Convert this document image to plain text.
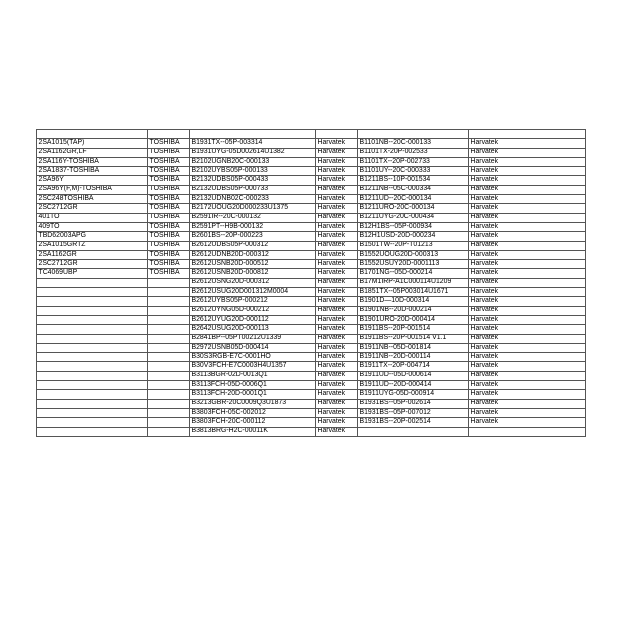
2SA1015(TAP)	TOSHIBA	B1931TX--05P-003314	Harvatek	B1101NB--20C-000133	Harvatek
2SA1162GR,LF	TOSHIBA	B1931UYG-05D002614U1382	Harvatek	B1101TX-20P-002533	Harvatek
2SA116Y-TOSHIBA	TOSHIBA	B2102UGNB20C-000133	Harvatek	B1101TX--20P-002733	Harvatek
2SA1837-TOSHIBA	TOSHIBA	B2102UYBS05P-000133	Harvatek	B1101UY--20C-000333	Harvatek
2SA96Y	TOSHIBA	B2132UDBS05P-000433	Harvatek	B1211BS--10P-001534	Harvatek
2SA96Y(F,M)-TOSHIBA	TOSHIBA	B2132UDBS05P-000733	Harvatek	B1211NB--05C-000334	Harvatek
2SC248TOSHIBA	TOSHIBA	B2132UDNB02C-000233	Harvatek	B1211UD--20C-000134	Harvatek
2SC2712GR	TOSHIBA	B2172UOUG20D000233U1375	Harvatek	B1211URO-20C-000134	Harvatek
401TO	TOSHIBA	B2591IR--20C-000132	Harvatek	B1211UYG-20C-000434	Harvatek
409TO	TOSHIBA	B2591PT--H9B-000132	Harvatek	B12H1BS--05P-000934	Harvatek
TBD62003APG	TOSHIBA	B2601BS--20P-000223	Harvatek	B12H1USD-20D-000234	Harvatek
2SA1015GRTZ	TOSHIBA	B2612UDBS05P-000312	Harvatek	B1501TW--20P-T01213	Harvatek
2SA1162GR	TOSHIBA	B2612UDNB20D-000312	Harvatek	B1552UOUG20D-000313	Harvatek
2SC2712GR	TOSHIBA	B2612USNB20D-000512	Harvatek	B1552USUY20D-0001113	Harvatek
TC4069UBP	TOSHIBA	B2612USNB20D-000812	Harvatek	B1701NG--05D-000214	Harvatek
		B2612USNG20D-000312	Harvatek	B17M1IRP-A1C000114U1209	Harvatek
		B2612USUG20D001312M0004	Harvatek	B1851TX--05P003014U1671	Harvatek
		B2612UYBS05P-000212	Harvatek	B1901D—10D-000314	Harvatek
		B2612UYNG05D-000212	Harvatek	B1901NB--20D-000214	Harvatek
		B2612UYUG20D-000112	Harvatek	B1901URO-20D-000414	Harvatek
		B2642USUG20D-000113	Harvatek	B1911BS--20P-001514	Harvatek
		B2841BP--05PT00212U1339	Harvatek	B1911BS--20P-001514 V1.1	Harvatek
		B2972USNB05D-000414	Harvatek	B1911NB--05D-001814	Harvatek
		B30S3RGB-E7C-0001HO	Harvatek	B1911NB--20D-000114	Harvatek
		B30V3FCH-E7C0003H4U1357	Harvatek	B1911TX--20P-004714	Harvatek
		B3113BGR-02D-0013Q1	Harvatek	B1911UD--05D-000614	Harvatek
		B3113FCH-05D-0006Q1	Harvatek	B1911UD--20D-000414	Harvatek
		B3113FCH-20D-0001Q1	Harvatek	B1911UYG-05D-000914	Harvatek
		B3213GBR-20C0009Q3U1873	Harvatek	B1931BS--05P-002614	Harvatek
		B3803FCH-05C-002012	Harvatek	B1931BS--05P-007012	Harvatek
		B3803FCH-20C-000112	Harvatek	B1931BS--20P-002514	Harvatek
		B3813BRG-H2C-00011K	Harvatek		
